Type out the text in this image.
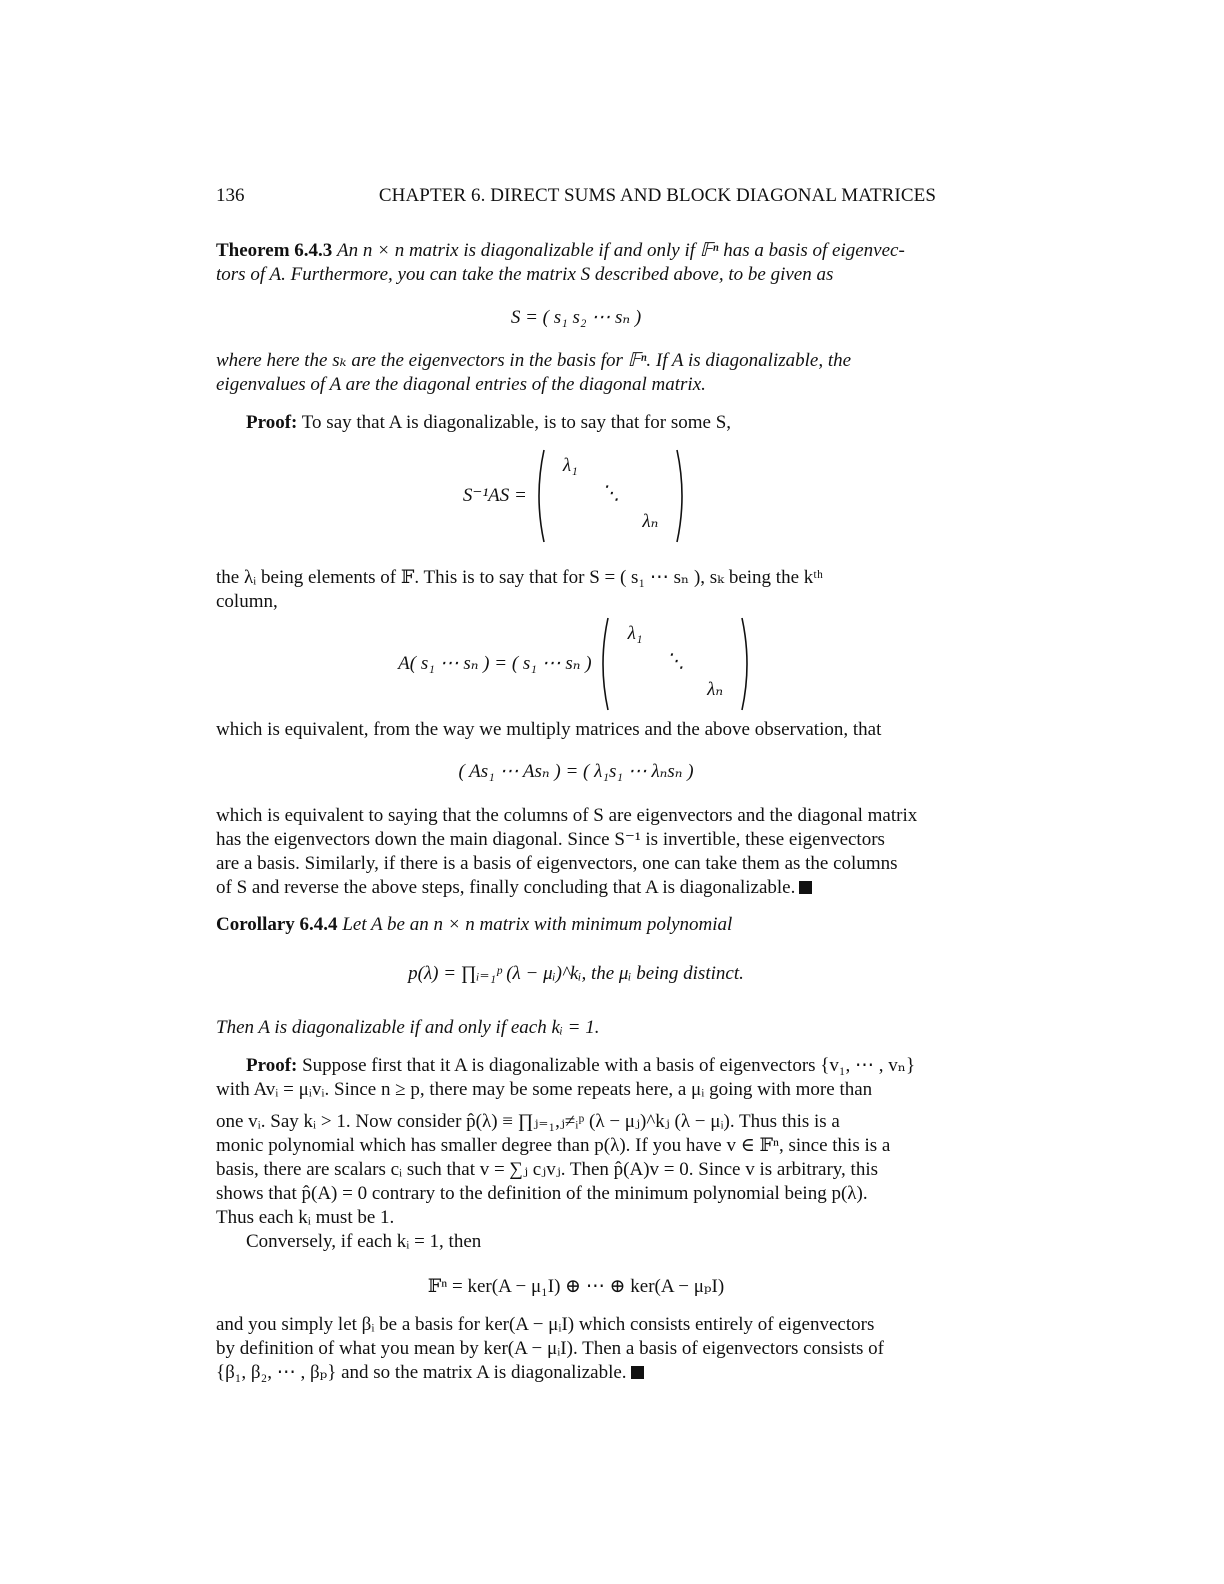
136	CHAPTER 6. DIRECT SUMS AND BLOCK DIAGONAL MATRICES
Theorem 6.4.3 An n × n matrix is diagonalizable if and only if 𝔽ⁿ has a basis of eigenvec-
tors of A. Furthermore, you can take the matrix S described above, to be given as
S = ( s₁ s₂ ⋯ sₙ )
where here the sₖ are the eigenvectors in the basis for 𝔽ⁿ. If A is diagonalizable, the
eigenvalues of A are the diagonal entries of the diagonal matrix.
Proof: To say that A is diagonalizable, is to say that for some S,
S⁻¹AS =
λ₁
⋱
λₙ

the λᵢ being elements of 𝔽. This is to say that for S = ( s₁ ⋯ sₙ ), sₖ being the kᵗʰ
column,
A( s₁ ⋯ sₙ ) = ( s₁ ⋯ sₙ )
λ₁
⋱
λₙ

which is equivalent, from the way we multiply matrices and the above observation, that
( As₁ ⋯ Asₙ ) = ( λ₁s₁ ⋯ λₙsₙ )
which is equivalent to saying that the columns of S are eigenvectors and the diagonal matrix
has the eigenvectors down the main diagonal. Since S⁻¹ is invertible, these eigenvectors
are a basis. Similarly, if there is a basis of eigenvectors, one can take them as the columns
of S and reverse the above steps, finally concluding that A is diagonalizable.
Corollary 6.4.4 Let A be an n × n matrix with minimum polynomial
p(λ) = ∏ᵢ₌₁ᵖ (λ − μᵢ)^kᵢ, the μᵢ being distinct.
Then A is diagonalizable if and only if each kᵢ = 1.
Proof: Suppose first that it A is diagonalizable with a basis of eigenvectors {v₁, ⋯ , vₙ}
with Avᵢ = μᵢvᵢ. Since n ≥ p, there may be some repeats here, a μᵢ going with more than
one vᵢ. Say kᵢ > 1. Now consider p̂(λ) ≡ ∏ⱼ₌₁,ⱼ≠ᵢᵖ (λ − μⱼ)^kⱼ (λ − μᵢ). Thus this is a
monic polynomial which has smaller degree than p(λ). If you have v ∈ 𝔽ⁿ, since this is a
basis, there are scalars cᵢ such that v = ∑ⱼ cⱼvⱼ. Then p̂(A)v = 0. Since v is arbitrary, this
shows that p̂(A) = 0 contrary to the definition of the minimum polynomial being p(λ).
Thus each kᵢ must be 1.
Conversely, if each kᵢ = 1, then
𝔽ⁿ = ker(A − μ₁I) ⊕ ⋯ ⊕ ker(A − μₚI)
and you simply let βᵢ be a basis for ker(A − μᵢI) which consists entirely of eigenvectors
by definition of what you mean by ker(A − μᵢI). Then a basis of eigenvectors consists of
{β₁, β₂, ⋯ , βₚ} and so the matrix A is diagonalizable.
